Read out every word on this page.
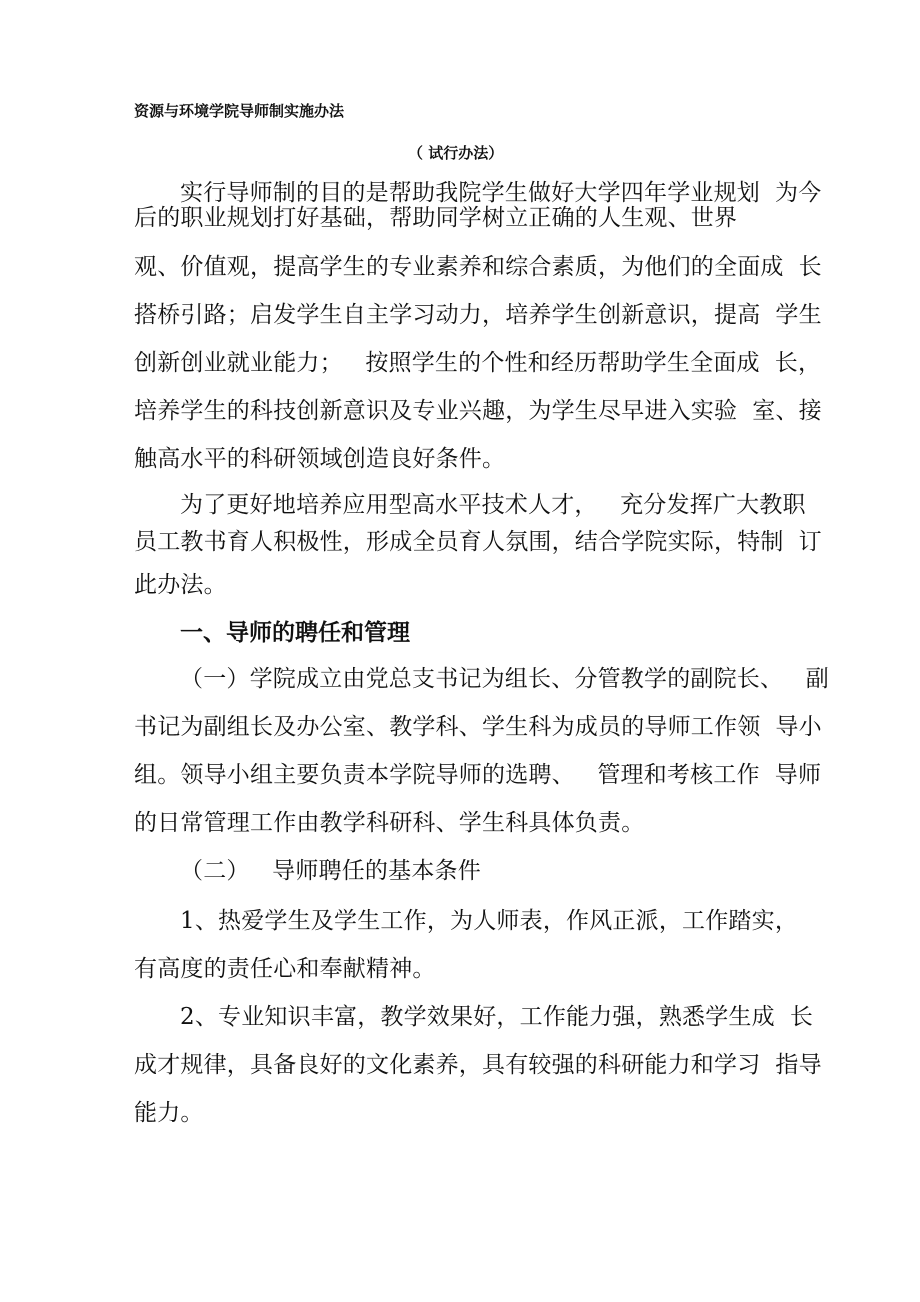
资源与环境学院导师制实施办法
（ 试行办法）
实行导师制的目的是帮助我院学生做好大学四年学业规划  为今
后的职业规划打好基础，帮助同学树立正确的人生观、世界
观、价值观，提高学生的专业素养和综合素质，为他们的全面成  长
搭桥引路；启发学生自主学习动力，培养学生创新意识，提高  学生
创新创业就业能力；   按照学生的个性和经历帮助学生全面成  长，
培养学生的科技创新意识及专业兴趣，为学生尽早进入实验  室、接
触高水平的科研领域创造良好条件。
为了更好地培养应用型高水平技术人才，   充分发挥广大教职
员工教书育人积极性，形成全员育人氛围，结合学院实际，特制  订
此办法。
一、导师的聘任和管理
（一）学院成立由党总支书记为组长、分管教学的副院长、   副
书记为副组长及办公室、教学科、学生科为成员的导师工作领  导小
组。领导小组主要负责本学院导师的选聘、   管理和考核工作  导师
的日常管理工作由教学科研科、学生科具体负责。
（二）   导师聘任的基本条件
1、热爱学生及学生工作，为人师表，作风正派，工作踏实，
有高度的责任心和奉献精神。
2、专业知识丰富，教学效果好，工作能力强，熟悉学生成  长
成才规律，具备良好的文化素养，具有较强的科研能力和学习  指导
能力。
